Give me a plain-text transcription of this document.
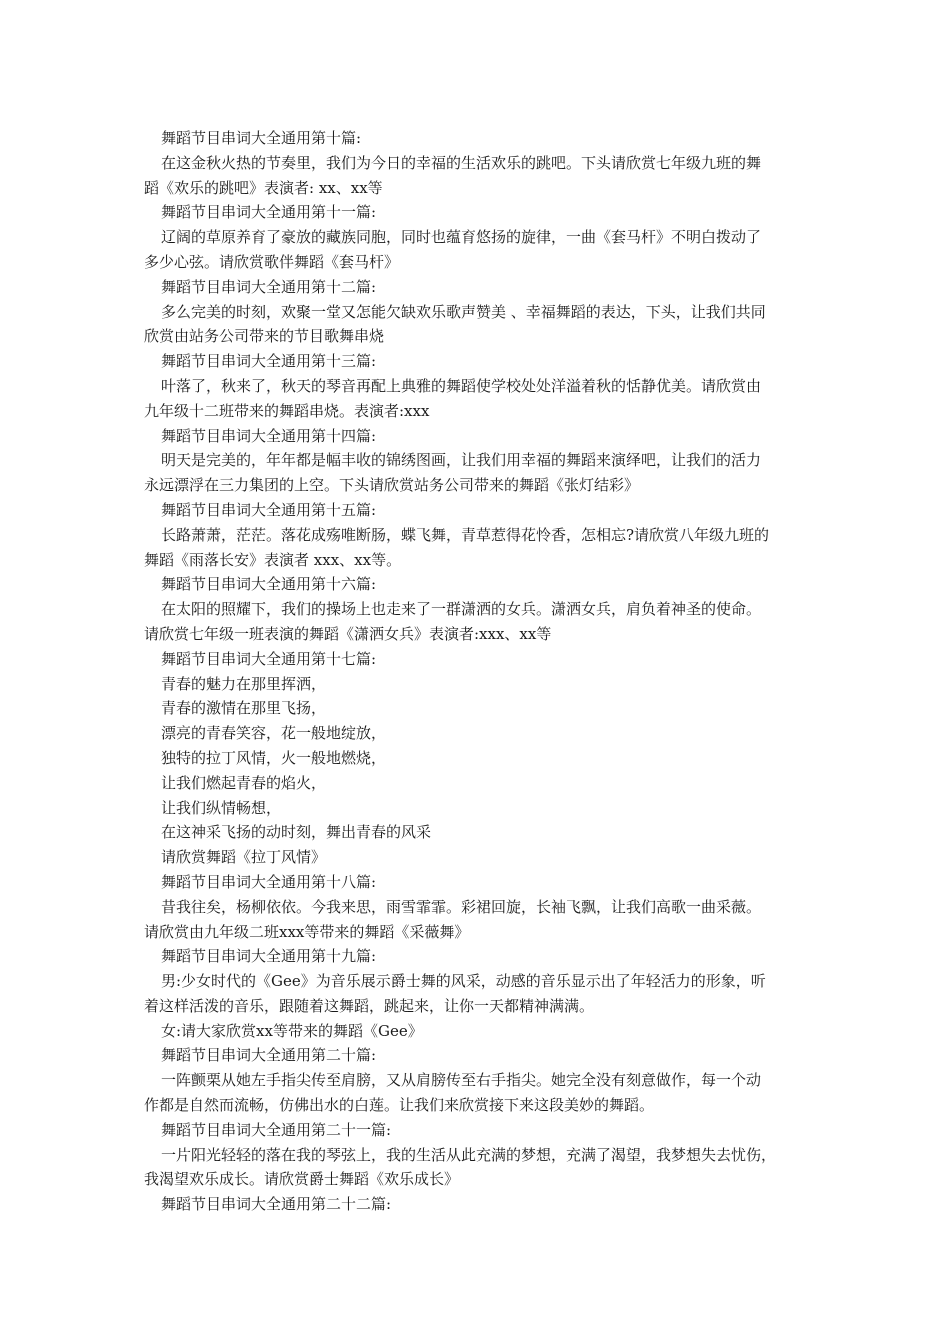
舞蹈节目串词大全通用第十篇:

在这金秋火热的节奏里，我们为今日的幸福的生活欢乐的跳吧。下头请欣赏七年级九班的舞

蹈《欢乐的跳吧》表演者: xx、xx等

舞蹈节目串词大全通用第十一篇:

辽阔的草原养育了豪放的藏族同胞，同时也蕴育悠扬的旋律，一曲《套马杆》不明白拨动了

多少心弦。请欣赏歌伴舞蹈《套马杆》

舞蹈节目串词大全通用第十二篇:

多么完美的时刻，欢聚一堂又怎能欠缺欢乐歌声赞美 、幸福舞蹈的表达，下头，让我们共同

欣赏由站务公司带来的节目歌舞串烧

舞蹈节目串词大全通用第十三篇:

叶落了，秋来了，秋天的琴音再配上典雅的舞蹈使学校处处洋溢着秋的恬静优美。请欣赏由

九年级十二班带来的舞蹈串烧。表演者:xxx

舞蹈节目串词大全通用第十四篇:

明天是完美的，年年都是幅丰收的锦绣图画，让我们用幸福的舞蹈来演绎吧，让我们的活力

永远漂浮在三力集团的上空。下头请欣赏站务公司带来的舞蹈《张灯结彩》

舞蹈节目串词大全通用第十五篇:

长路萧萧，茫茫。落花成殇唯断肠，蝶飞舞，青草惹得花怜香，怎相忘?请欣赏八年级九班的

舞蹈《雨落长安》表演者 xxx、xx等。

舞蹈节目串词大全通用第十六篇:

在太阳的照耀下，我们的操场上也走来了一群潇洒的女兵。潇洒女兵，肩负着神圣的使命。

请欣赏七年级一班表演的舞蹈《潇洒女兵》表演者:xxx、xx等

舞蹈节目串词大全通用第十七篇:

青春的魅力在那里挥洒，

青春的激情在那里飞扬，

漂亮的青春笑容，花一般地绽放，

独特的拉丁风情，火一般地燃烧，

让我们燃起青春的焰火，

让我们纵情畅想，

在这神采飞扬的动时刻，舞出青春的风采

请欣赏舞蹈《拉丁风情》

舞蹈节目串词大全通用第十八篇:

昔我往矣，杨柳依依。今我来思，雨雪霏霏。彩裙回旋，长袖飞飘，让我们高歌一曲采薇。

请欣赏由九年级二班xxx等带来的舞蹈《采薇舞》

舞蹈节目串词大全通用第十九篇:

男:少女时代的《Gee》为音乐展示爵士舞的风采，动感的音乐显示出了年轻活力的形象，听

着这样活泼的音乐，跟随着这舞蹈，跳起来，让你一天都精神满满。

女:请大家欣赏xx等带来的舞蹈《Gee》

舞蹈节目串词大全通用第二十篇:

一阵颤栗从她左手指尖传至肩膀，又从肩膀传至右手指尖。她完全没有刻意做作，每一个动

作都是自然而流畅，仿佛出水的白莲。让我们来欣赏接下来这段美妙的舞蹈。

舞蹈节目串词大全通用第二十一篇:

一片阳光轻轻的落在我的琴弦上，我的生活从此充满的梦想，充满了渴望，我梦想失去忧伤，

我渴望欢乐成长。请欣赏爵士舞蹈《欢乐成长》

舞蹈节目串词大全通用第二十二篇:
